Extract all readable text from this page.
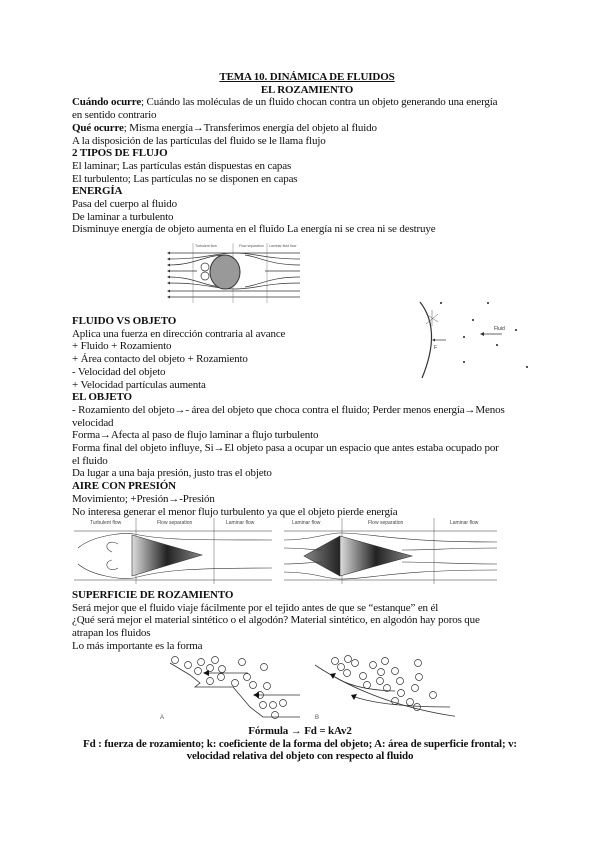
TEMA 10. DINÁMICA DE FLUIDOS
EL ROZAMIENTO
Cuándo ocurre; Cuándo las moléculas de un fluido chocan contra un objeto generando una energía
en sentido contrario
Qué ocurre; Misma energía→Transferimos energía del objeto al fluido
A la disposición de las partículas del fluido se le llama flujo
2 TIPOS DE FLUJO
El laminar; Las partículas están dispuestas en capas
El turbulento; Las partículas no se disponen en capas
ENERGÍA
Pasa del cuerpo al fluido
De laminar a turbulento
Disminuye energía de objeto aumenta en el fluido La energía ni se crea ni se destruye
Turbulent flow	Flow separation Laminar fluid flow
F
Fluid
FLUIDO VS OBJETO
Aplica una fuerza en dirección contraria al avance
+ Fluido + Rozamiento
+ Área contacto del objeto + Rozamiento
- Velocidad del objeto
+ Velocidad partículas aumenta
EL OBJETO
- Rozamiento del objeto→- área del objeto que choca contra el fluido; Perder menos energía→Menos
velocidad
Forma→Afecta al paso de flujo laminar a flujo turbulento
Forma final del objeto influye, Si→El objeto pasa a ocupar un espacio que antes estaba ocupado por
el fluido
Da lugar a una baja presión, justo tras el objeto
AIRE CON PRESIÓN
Movimiento; +Presión→-Presión
No interesa generar el menor flujo turbulento ya que el objeto pierde energía
Turbulent flow	Flow separation	Laminar flow	Laminar flow	Flow separation	Laminar flow
SUPERFICIE DE ROZAMIENTO
Será mejor que el fluido viaje fácilmente por el tejido antes de que se “estanque” en él
¿Qué será mejor el material sintético o el algodón? Material sintético, en algodón hay poros que
atrapan los fluidos
Lo más importante es la forma
A	B
Fórmula → Fd = kAv2
Fd : fuerza de rozamiento; k: coeficiente de la forma del objeto; A: área de superficie frontal; v:
velocidad relativa del objeto con respecto al fluido
